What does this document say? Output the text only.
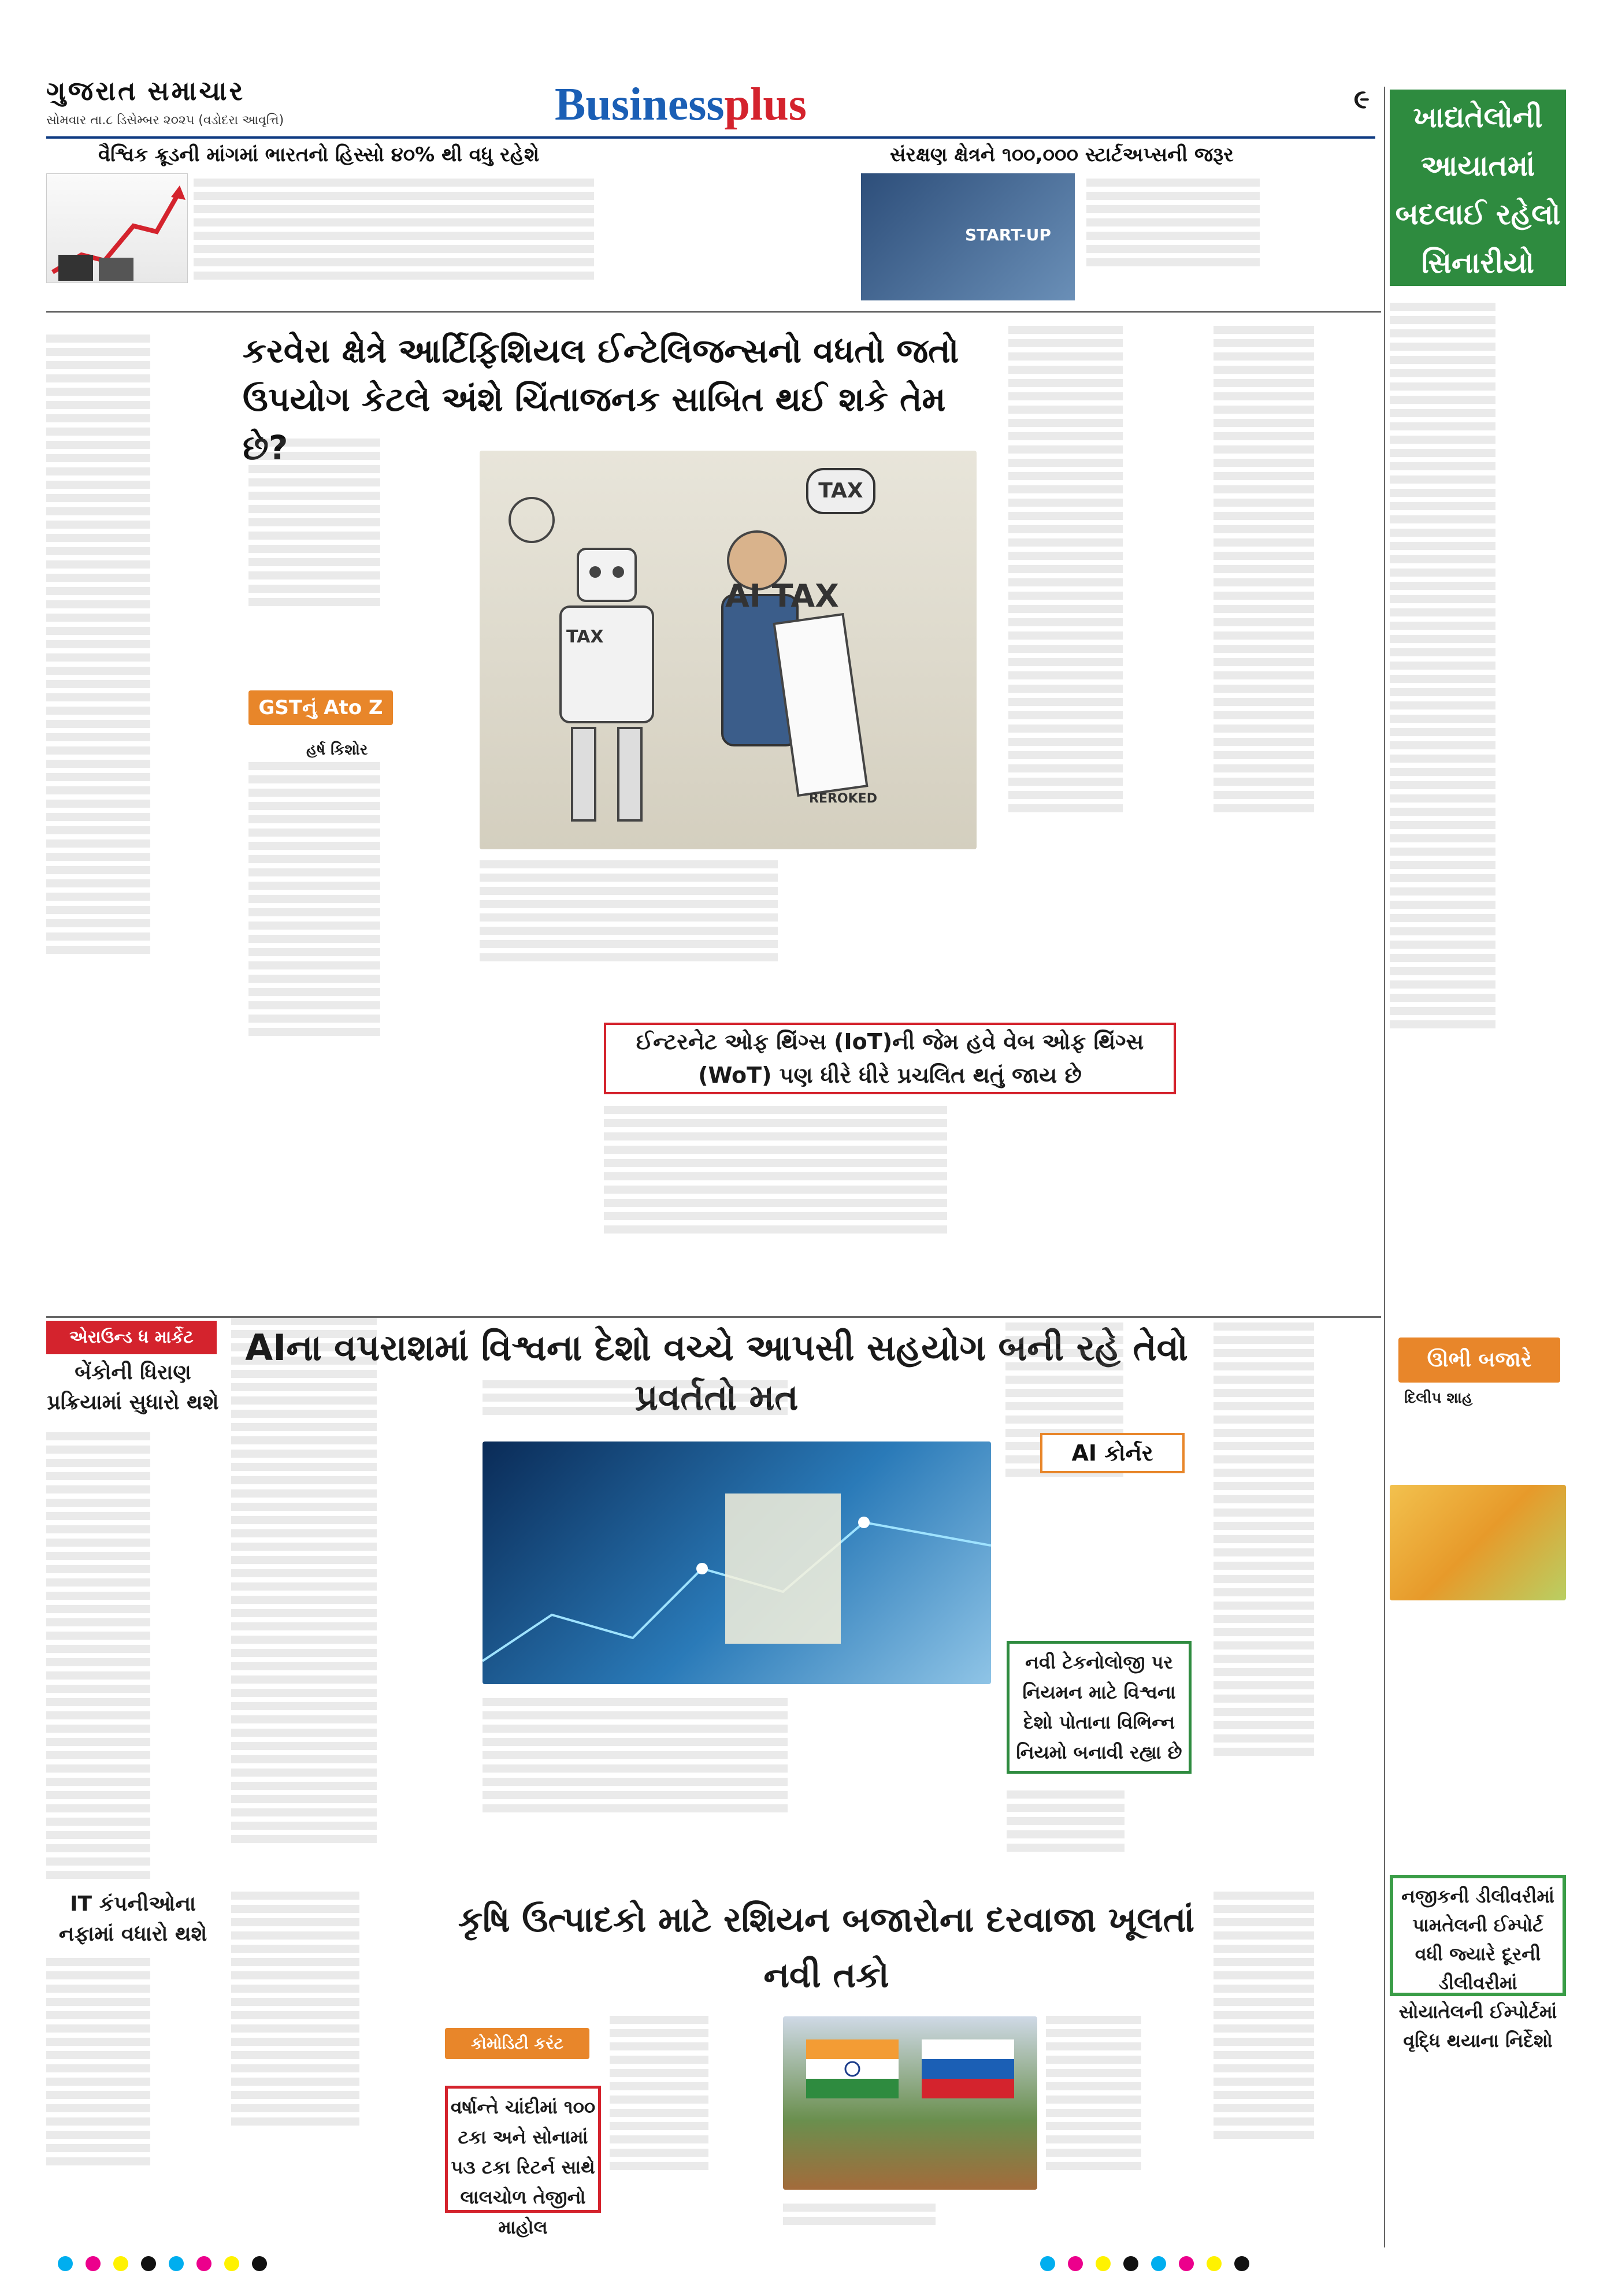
ગુજરાત સમાચાર
સોમવાર તા.૮ ડિસેમ્બર ૨૦૨૫ (વડોદરા આવૃત્તિ)	Businessplus	૯
ખાદ્યતેલોની આયાતમાં બદલાઈ રહેલો સિનારીયો
ઊભી બજારે
દિલીપ શાહ
નજીકની ડીલીવરીમાં પામતેલની ઈમ્પોર્ટ વધી જ્યારે દૂરની ડીલીવરીમાં સોયાતેલની ઈમ્પોર્ટમાં વૃદ્ધિ થયાના નિર્દેશો
વૈશ્વિક ક્રૂડની માંગમાં ભારતનો હિસ્સો ૪૦% થી વધુ રહેશે	સંરક્ષણ ક્ષેત્રને ૧૦૦,૦૦૦ સ્ટાર્ટઅપ્સની જરૂર
START-UP
કરવેરા ક્ષેત્રે આર્ટિફિશિયલ ઈન્ટેલિજન્સનો વધતો જતો ઉપયોગ કેટલે અંશે ચિંતાજનક સાબિત થઈ શકે તેમ છે?
GSTનું Ato Z
હર્ષ કિશોર
TAX
AI TAX
TAX
REROKED
ઈન્ટરનેટ ઓફ થિંગ્સ (IoT)ની જેમ હવે વેબ ઓફ થિંગ્સ (WoT) પણ ધીરે ધીરે પ્રચલિત થતું જાય છે
એરાઉન્ડ ધ માર્કેટ
બેંકોની ધિરાણ પ્રક્રિયામાં સુધારો થશે
IT કંપનીઓના નફામાં વધારો થશે
AIના વપરાશમાં વિશ્વના દેશો વચ્ચે આપસી સહયોગ બની રહે તેવો પ્રવર્તતો મત
AI કોર્નર
નવી ટેકનોલોજી પર નિયમન માટે વિશ્વના દેશો પોતાના વિભિન્ન નિયમો બનાવી રહ્યા છે
કૃષિ ઉત્પાદકો માટે રશિયન બજારોના દરવાજા ખૂલતાં નવી તકો
કોમોડિટી કરંટ
વર્ષાન્તે ચાંદીમાં ૧૦૦ ટકા અને સોનામાં ૫૩ ટકા રિટર્ન સાથે લાલચોળ તેજીનો માહોલ
